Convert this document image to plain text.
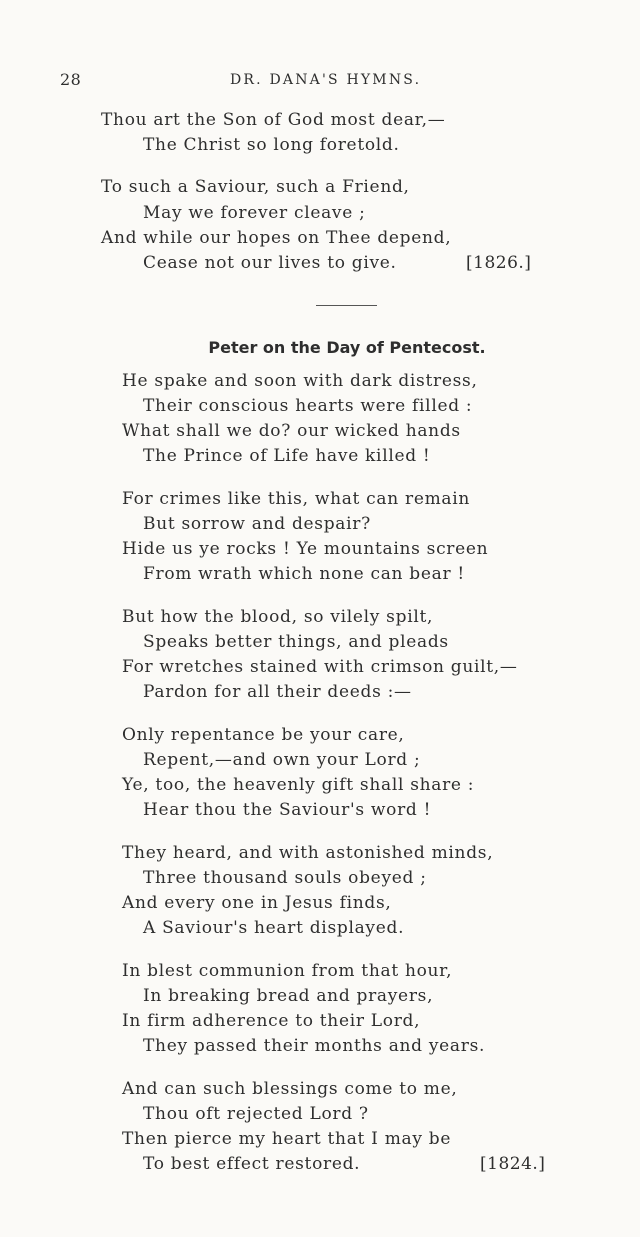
28	DR. DANA'S HYMNS.
Thou art the Son of God most dear,—
The Christ so long foretold.
To such a Saviour, such a Friend,
May we forever cleave ;
And while our hopes on Thee depend,
Cease not our lives to give.	[1826.]
Peter on the Day of Pentecost.
He spake and soon with dark distress,
Their conscious hearts were filled :
What shall we do? our wicked hands
The Prince of Life have killed !
For crimes like this, what can remain
But sorrow and despair?
Hide us ye rocks ! Ye mountains screen
From wrath which none can bear !
But how the blood, so vilely spilt,
Speaks better things, and pleads
For wretches stained with crimson guilt,—
Pardon for all their deeds :—
Only repentance be your care,
Repent,—and own your Lord ;
Ye, too, the heavenly gift shall share :
Hear thou the Saviour's word !
They heard, and with astonished minds,
Three thousand souls obeyed ;
And every one in Jesus finds,
A Saviour's heart displayed.
In blest communion from that hour,
In breaking bread and prayers,
In firm adherence to their Lord,
They passed their months and years.
And can such blessings come to me,
Thou oft rejected Lord ?
Then pierce my heart that I may be
To best effect restored.	[1824.]
